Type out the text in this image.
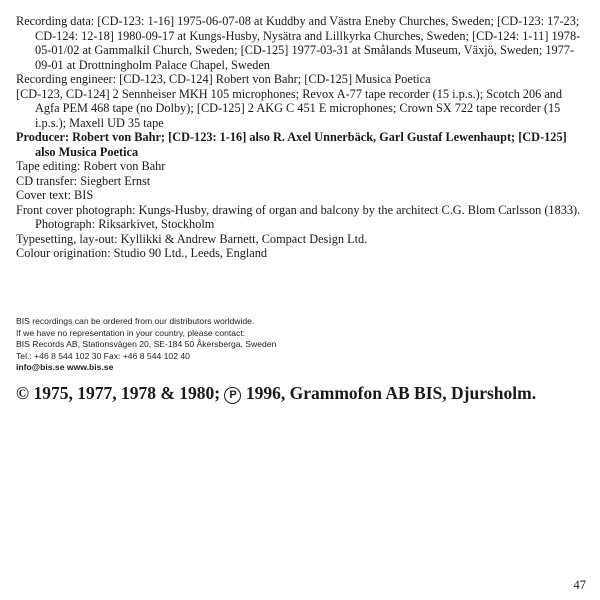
Recording data: [CD-123: 1-16] 1975-06-07-08 at Kuddby and Västra Eneby Churches, Sweden; [CD-123: 17-23; CD-124: 12-18] 1980-09-17 at Kungs-Husby, Nysätra and Lillkyrka Churches, Sweden; [CD-124: 1-11] 1978-05-01/02 at Gammalkil Church, Sweden; [CD-125] 1977-03-31 at Smålands Museum, Växjö, Sweden; 1977-09-01 at Drottningholm Palace Chapel, Sweden

Recording engineer: [CD-123, CD-124] Robert von Bahr; [CD-125] Musica Poetica

[CD-123, CD-124] 2 Sennheiser MKH 105 microphones; Revox A-77 tape recorder (15 i.p.s.); Scotch 206 and Agfa PEM 468 tape (no Dolby); [CD-125] 2 AKG C 451 E microphones; Crown SX 722 tape recorder (15 i.p.s.); Maxell UD 35 tape

Producer: Robert von Bahr; [CD-123: 1-16] also R. Axel Unnerbäck, Garl Gustaf Lewenhaupt; [CD-125] also Musica Poetica

Tape editing: Robert von Bahr

CD transfer: Siegbert Ernst

Cover text: BIS

Front cover photograph: Kungs-Husby, drawing of organ and balcony by the architect C.G. Blom Carlsson (1833). Photograph: Riksarkivet, Stockholm

Typesetting, lay-out: Kyllikki & Andrew Barnett, Compact Design Ltd.

Colour origination: Studio 90 Ltd., Leeds, England

BIS recordings can be ordered from our distributors worldwide.
If we have no representation in your country, please contact:
BIS Records AB, Stationsvägen 20, SE-184 50 Åkersberga, Sweden
Tel.: +46 8 544 102 30 Fax: +46 8 544 102 40
info@bis.se www.bis.se
© 1975, 1977, 1978 & 1980; P 1996, Grammofon AB BIS, Djursholm.
47
